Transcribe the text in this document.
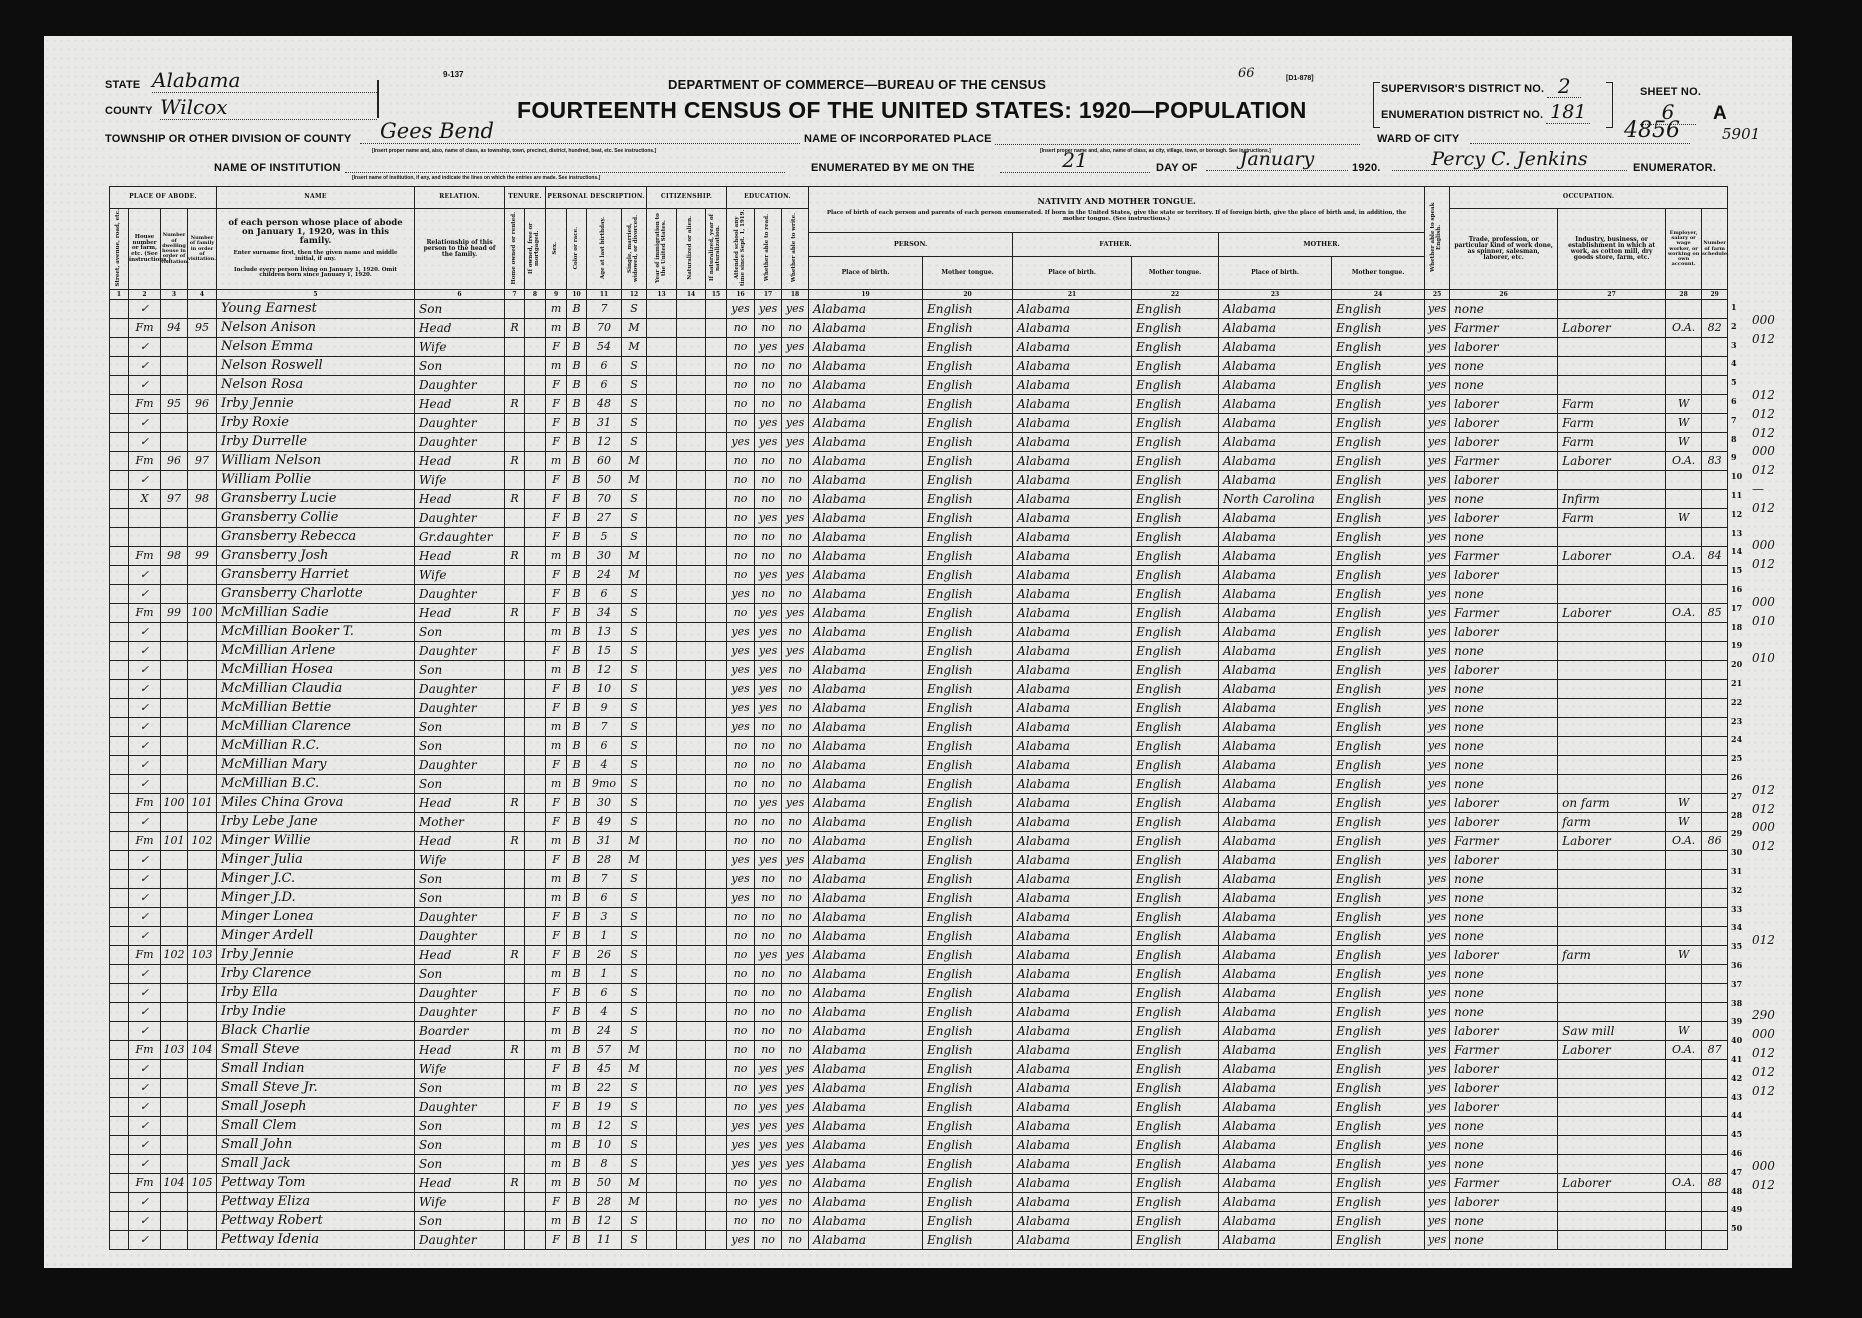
STATE Alabama
COUNTY Wilcox
9-137
DEPARTMENT OF COMMERCE—BUREAU OF THE CENSUS
FOURTEENTH CENSUS OF THE UNITED STATES: 1920—POPULATION
66	[D1-878]
SUPERVISOR'S DISTRICT NO. 2
ENUMERATION DISTRICT NO. 181
SHEET NO.
6	A
TOWNSHIP OR OTHER DIVISION OF COUNTY	Gees Bend
[Insert proper name and, also, name of class, as township, town, precinct, district, hundred, beat, etc. See instructions.]
NAME OF INCORPORATED PLACE
[Insert proper name and, also, name of class, as city, village, town, or borough. See instructions.]
WARD OF CITY	4856	5901
NAME OF INSTITUTION
[Insert name of institution, if any, and indicate the lines on which the entries are made. See instructions.]
ENUMERATED BY ME ON THE	21	DAY OF	January	1920.	Percy C. Jenkins	ENUMERATOR.
PLACE OF ABODE.				NAME	RELATION.	TENURE.		PERSONAL DESCRIPTION.				CITIZENSHIP.			EDUCATION.			NATIVITY AND MOTHER TONGUE.
Place of birth of each person and parents of each person enumerated. If born in the United States, give the state or territory. If of foreign birth, give the place of birth and, in addition, the mother tongue. (See instructions.)						Whether able to speak English.	OCCUPATION.			
Street, avenue, road, etc.	House number or farm, etc. (See instructions.)	Number of dwelling house in order of visitation.	Number of family in order of visitation.	of each person whose place of abode on January 1, 1920, was in this family.
Enter surname first, then the given name and middle initial, if any.
Include every person living on January 1, 1920. Omit children born since January 1, 1920.	Relationship of this person to the head of the family.	Home owned or rented.	If owned, free or mortgaged.	Sex.	Color or race.	Age at last birthday.	Single, married, widowed, or divorced.	Year of immigration to the United States.	Naturalized or alien.	If naturalized, year of naturalization.	Attended school any time since Sept. 1, 1919.	Whether able to read.	Whether able to write.								Trade, profession, or particular kind of work done, as spinner, salesman, laborer, etc.	Industry, business, or establishment in which at work, as cotton mill, dry goods store, farm, etc.	Employer, salary or wage worker, or working on own account.	Number of farm schedule.
																		PERSON.		FATHER.		MOTHER.						
																		Place of birth.	Mother tongue.	Place of birth.	Mother tongue.	Place of birth.	Mother tongue.					
1	2	3	4	5	6	7	8	9	10	11	12	13	14	15	16	17	18	19	20	21	22	23	24	25	26	27	28	29
	✓			Young Earnest	Son			m	B	7	S				yes	yes	yes	Alabama	English	Alabama	English	Alabama	English	yes	none			
	Fm	94	95	Nelson Anison	Head	R		m	B	70	M				no	no	no	Alabama	English	Alabama	English	Alabama	English	yes	Farmer	Laborer	O.A.	82
	✓			Nelson Emma	Wife			F	B	54	M				no	yes	yes	Alabama	English	Alabama	English	Alabama	English	yes	laborer			
	✓			Nelson Roswell	Son			m	B	6	S				no	no	no	Alabama	English	Alabama	English	Alabama	English	yes	none			
	✓			Nelson Rosa	Daughter			F	B	6	S				no	no	no	Alabama	English	Alabama	English	Alabama	English	yes	none			
	Fm	95	96	Irby Jennie	Head	R		F	B	48	S				no	no	no	Alabama	English	Alabama	English	Alabama	English	yes	laborer	Farm	W	
	✓			Irby Roxie	Daughter			F	B	31	S				no	yes	yes	Alabama	English	Alabama	English	Alabama	English	yes	laborer	Farm	W	
	✓			Irby Durrelle	Daughter			F	B	12	S				yes	yes	yes	Alabama	English	Alabama	English	Alabama	English	yes	laborer	Farm	W	
	Fm	96	97	William Nelson	Head	R		m	B	60	M				no	no	no	Alabama	English	Alabama	English	Alabama	English	yes	Farmer	Laborer	O.A.	83
	✓			William Pollie	Wife			F	B	50	M				no	no	no	Alabama	English	Alabama	English	Alabama	English	yes	laborer			
	X	97	98	Gransberry Lucie	Head	R		F	B	70	S				no	no	no	Alabama	English	Alabama	English	North Carolina	English	yes	none	Infirm		
				Gransberry Collie	Daughter			F	B	27	S				no	yes	yes	Alabama	English	Alabama	English	Alabama	English	yes	laborer	Farm	W	
				Gransberry Rebecca	Gr.daughter			F	B	5	S				no	no	no	Alabama	English	Alabama	English	Alabama	English	yes	none			
	Fm	98	99	Gransberry Josh	Head	R		m	B	30	M				no	no	no	Alabama	English	Alabama	English	Alabama	English	yes	Farmer	Laborer	O.A.	84
	✓			Gransberry Harriet	Wife			F	B	24	M				no	yes	yes	Alabama	English	Alabama	English	Alabama	English	yes	laborer			
	✓			Gransberry Charlotte	Daughter			F	B	6	S				yes	no	no	Alabama	English	Alabama	English	Alabama	English	yes	none			
	Fm	99	100	McMillian Sadie	Head	R		F	B	34	S				no	yes	yes	Alabama	English	Alabama	English	Alabama	English	yes	Farmer	Laborer	O.A.	85
	✓			McMillian Booker T.	Son			m	B	13	S				yes	yes	no	Alabama	English	Alabama	English	Alabama	English	yes	laborer			
	✓			McMillian Arlene	Daughter			F	B	15	S				yes	yes	yes	Alabama	English	Alabama	English	Alabama	English	yes	none			
	✓			McMillian Hosea	Son			m	B	12	S				yes	yes	no	Alabama	English	Alabama	English	Alabama	English	yes	laborer			
	✓			McMillian Claudia	Daughter			F	B	10	S				yes	yes	no	Alabama	English	Alabama	English	Alabama	English	yes	none			
	✓			McMillian Bettie	Daughter			F	B	9	S				yes	yes	no	Alabama	English	Alabama	English	Alabama	English	yes	none			
	✓			McMillian Clarence	Son			m	B	7	S				yes	no	no	Alabama	English	Alabama	English	Alabama	English	yes	none			
	✓			McMillian R.C.	Son			m	B	6	S				no	no	no	Alabama	English	Alabama	English	Alabama	English	yes	none			
	✓			McMillian Mary	Daughter			F	B	4	S				no	no	no	Alabama	English	Alabama	English	Alabama	English	yes	none			
	✓			McMillian B.C.	Son			m	B	9mo	S				no	no	no	Alabama	English	Alabama	English	Alabama	English	yes	none			
	Fm	100	101	Miles China Grova	Head	R		F	B	30	S				no	yes	yes	Alabama	English	Alabama	English	Alabama	English	yes	laborer	on farm	W	
	✓			Irby Lebe Jane	Mother			F	B	49	S				no	no	no	Alabama	English	Alabama	English	Alabama	English	yes	laborer	farm	W	
	Fm	101	102	Minger Willie	Head	R		m	B	31	M				no	no	no	Alabama	English	Alabama	English	Alabama	English	yes	Farmer	Laborer	O.A.	86
	✓			Minger Julia	Wife			F	B	28	M				yes	yes	yes	Alabama	English	Alabama	English	Alabama	English	yes	laborer			
	✓			Minger J.C.	Son			m	B	7	S				yes	no	no	Alabama	English	Alabama	English	Alabama	English	yes	none			
	✓			Minger J.D.	Son			m	B	6	S				yes	no	no	Alabama	English	Alabama	English	Alabama	English	yes	none			
	✓			Minger Lonea	Daughter			F	B	3	S				no	no	no	Alabama	English	Alabama	English	Alabama	English	yes	none			
	✓			Minger Ardell	Daughter			F	B	1	S				no	no	no	Alabama	English	Alabama	English	Alabama	English	yes	none			
	Fm	102	103	Irby Jennie	Head	R		F	B	26	S				no	yes	yes	Alabama	English	Alabama	English	Alabama	English	yes	laborer	farm	W	
	✓			Irby Clarence	Son			m	B	1	S				no	no	no	Alabama	English	Alabama	English	Alabama	English	yes	none			
	✓			Irby Ella	Daughter			F	B	6	S				no	no	no	Alabama	English	Alabama	English	Alabama	English	yes	none			
	✓			Irby Indie	Daughter			F	B	4	S				no	no	no	Alabama	English	Alabama	English	Alabama	English	yes	none			
	✓			Black Charlie	Boarder			m	B	24	S				no	no	no	Alabama	English	Alabama	English	Alabama	English	yes	laborer	Saw mill	W	
	Fm	103	104	Small Steve	Head	R		m	B	57	M				no	no	no	Alabama	English	Alabama	English	Alabama	English	yes	Farmer	Laborer	O.A.	87
	✓			Small Indian	Wife			F	B	45	M				no	yes	yes	Alabama	English	Alabama	English	Alabama	English	yes	laborer			
	✓			Small Steve Jr.	Son			m	B	22	S				no	yes	yes	Alabama	English	Alabama	English	Alabama	English	yes	laborer			
	✓			Small Joseph	Daughter			F	B	19	S				no	yes	yes	Alabama	English	Alabama	English	Alabama	English	yes	laborer			
	✓			Small Clem	Son			m	B	12	S				yes	yes	yes	Alabama	English	Alabama	English	Alabama	English	yes	none			
	✓			Small John	Son			m	B	10	S				yes	yes	yes	Alabama	English	Alabama	English	Alabama	English	yes	none			
	✓			Small Jack	Son			m	B	8	S				yes	yes	yes	Alabama	English	Alabama	English	Alabama	English	yes	none			
	Fm	104	105	Pettway Tom	Head	R		m	B	50	M				no	yes	no	Alabama	English	Alabama	English	Alabama	English	yes	Farmer	Laborer	O.A.	88
	✓			Pettway Eliza	Wife			F	B	28	M				no	yes	no	Alabama	English	Alabama	English	Alabama	English	yes	laborer			
	✓			Pettway Robert	Son			m	B	12	S				no	no	no	Alabama	English	Alabama	English	Alabama	English	yes	none			
	✓			Pettway Idenia	Daughter			F	B	11	S				yes	no	no	Alabama	English	Alabama	English	Alabama	English	yes	none			
1
2 000
3 012
4
5
6 012
7 012
8 012
9 000
10 012
11 —
12 012
13
14 000
15 012
16
17 000
18 010
19
20 010
21
22
23
24
25
26
27 012
28 012
29 000
30 012
31
32
33
34
35 012
36
37
38
39 290
40 000
41 012
42 012
43 012
44
45
46
47 000
48 012
49
50
